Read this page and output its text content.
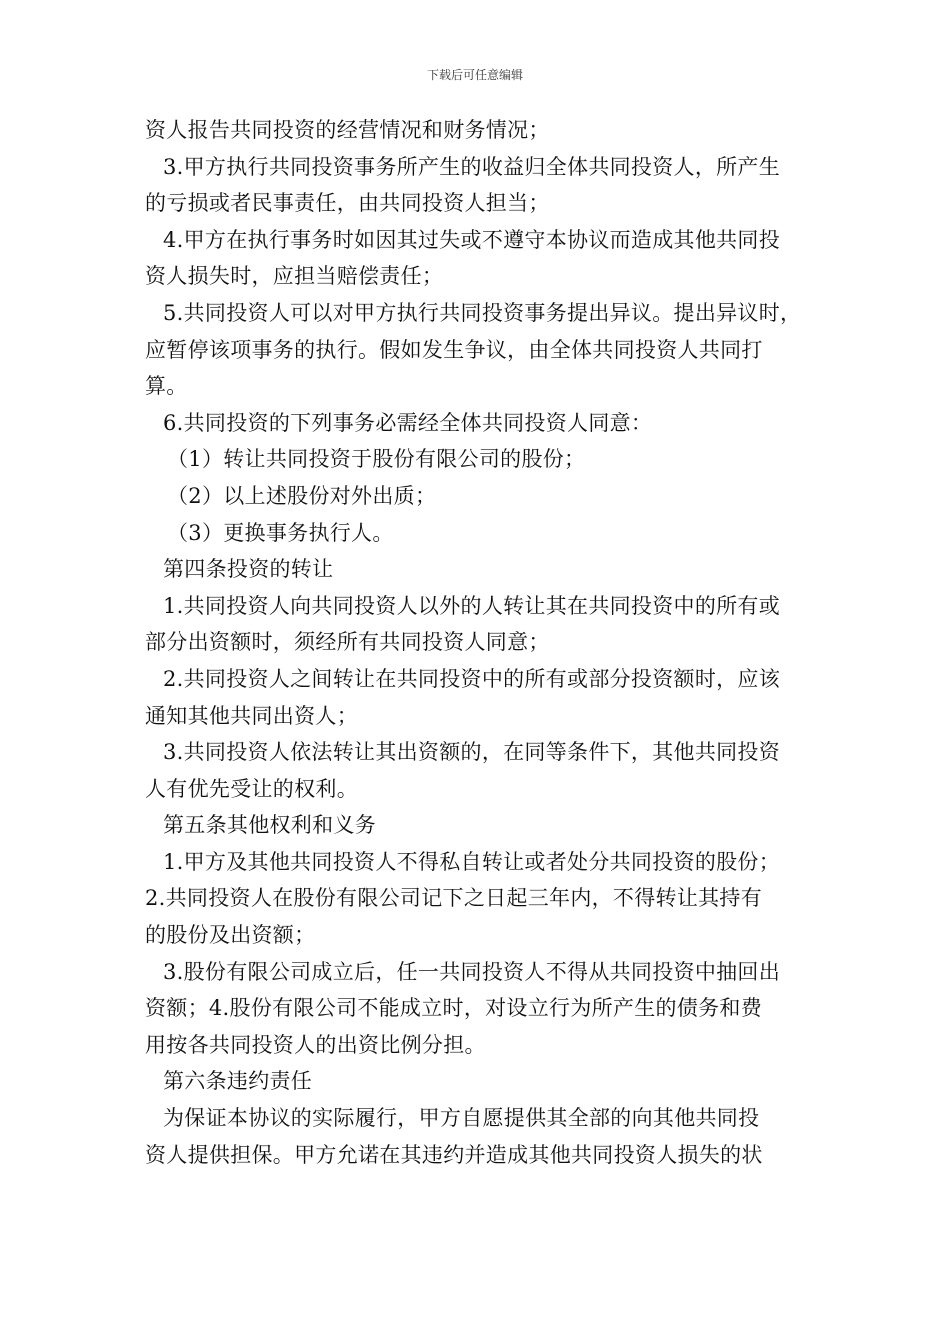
下载后可任意编辑
资人报告共同投资的经营情况和财务情况；
3.甲方执行共同投资事务所产生的收益归全体共同投资人，所产生
的亏损或者民事责任，由共同投资人担当；
4.甲方在执行事务时如因其过失或不遵守本协议而造成其他共同投
资人损失时，应担当赔偿责任；
5.共同投资人可以对甲方执行共同投资事务提出异议。提出异议时，
应暂停该项事务的执行。假如发生争议，由全体共同投资人共同打
算。
6.共同投资的下列事务必需经全体共同投资人同意：
（1）转让共同投资于股份有限公司的股份；
（2）以上述股份对外出质；
（3）更换事务执行人。
第四条投资的转让
1.共同投资人向共同投资人以外的人转让其在共同投资中的所有或
部分出资额时，须经所有共同投资人同意；
2.共同投资人之间转让在共同投资中的所有或部分投资额时，应该
通知其他共同出资人；
3.共同投资人依法转让其出资额的，在同等条件下，其他共同投资
人有优先受让的权利。
第五条其他权利和义务
1.甲方及其他共同投资人不得私自转让或者处分共同投资的股份；
2.共同投资人在股份有限公司记下之日起三年内，不得转让其持有
的股份及出资额；
3.股份有限公司成立后，任一共同投资人不得从共同投资中抽回出
资额；4.股份有限公司不能成立时，对设立行为所产生的债务和费
用按各共同投资人的出资比例分担。
第六条违约责任
为保证本协议的实际履行，甲方自愿提供其全部的向其他共同投
资人提供担保。甲方允诺在其违约并造成其他共同投资人损失的状
